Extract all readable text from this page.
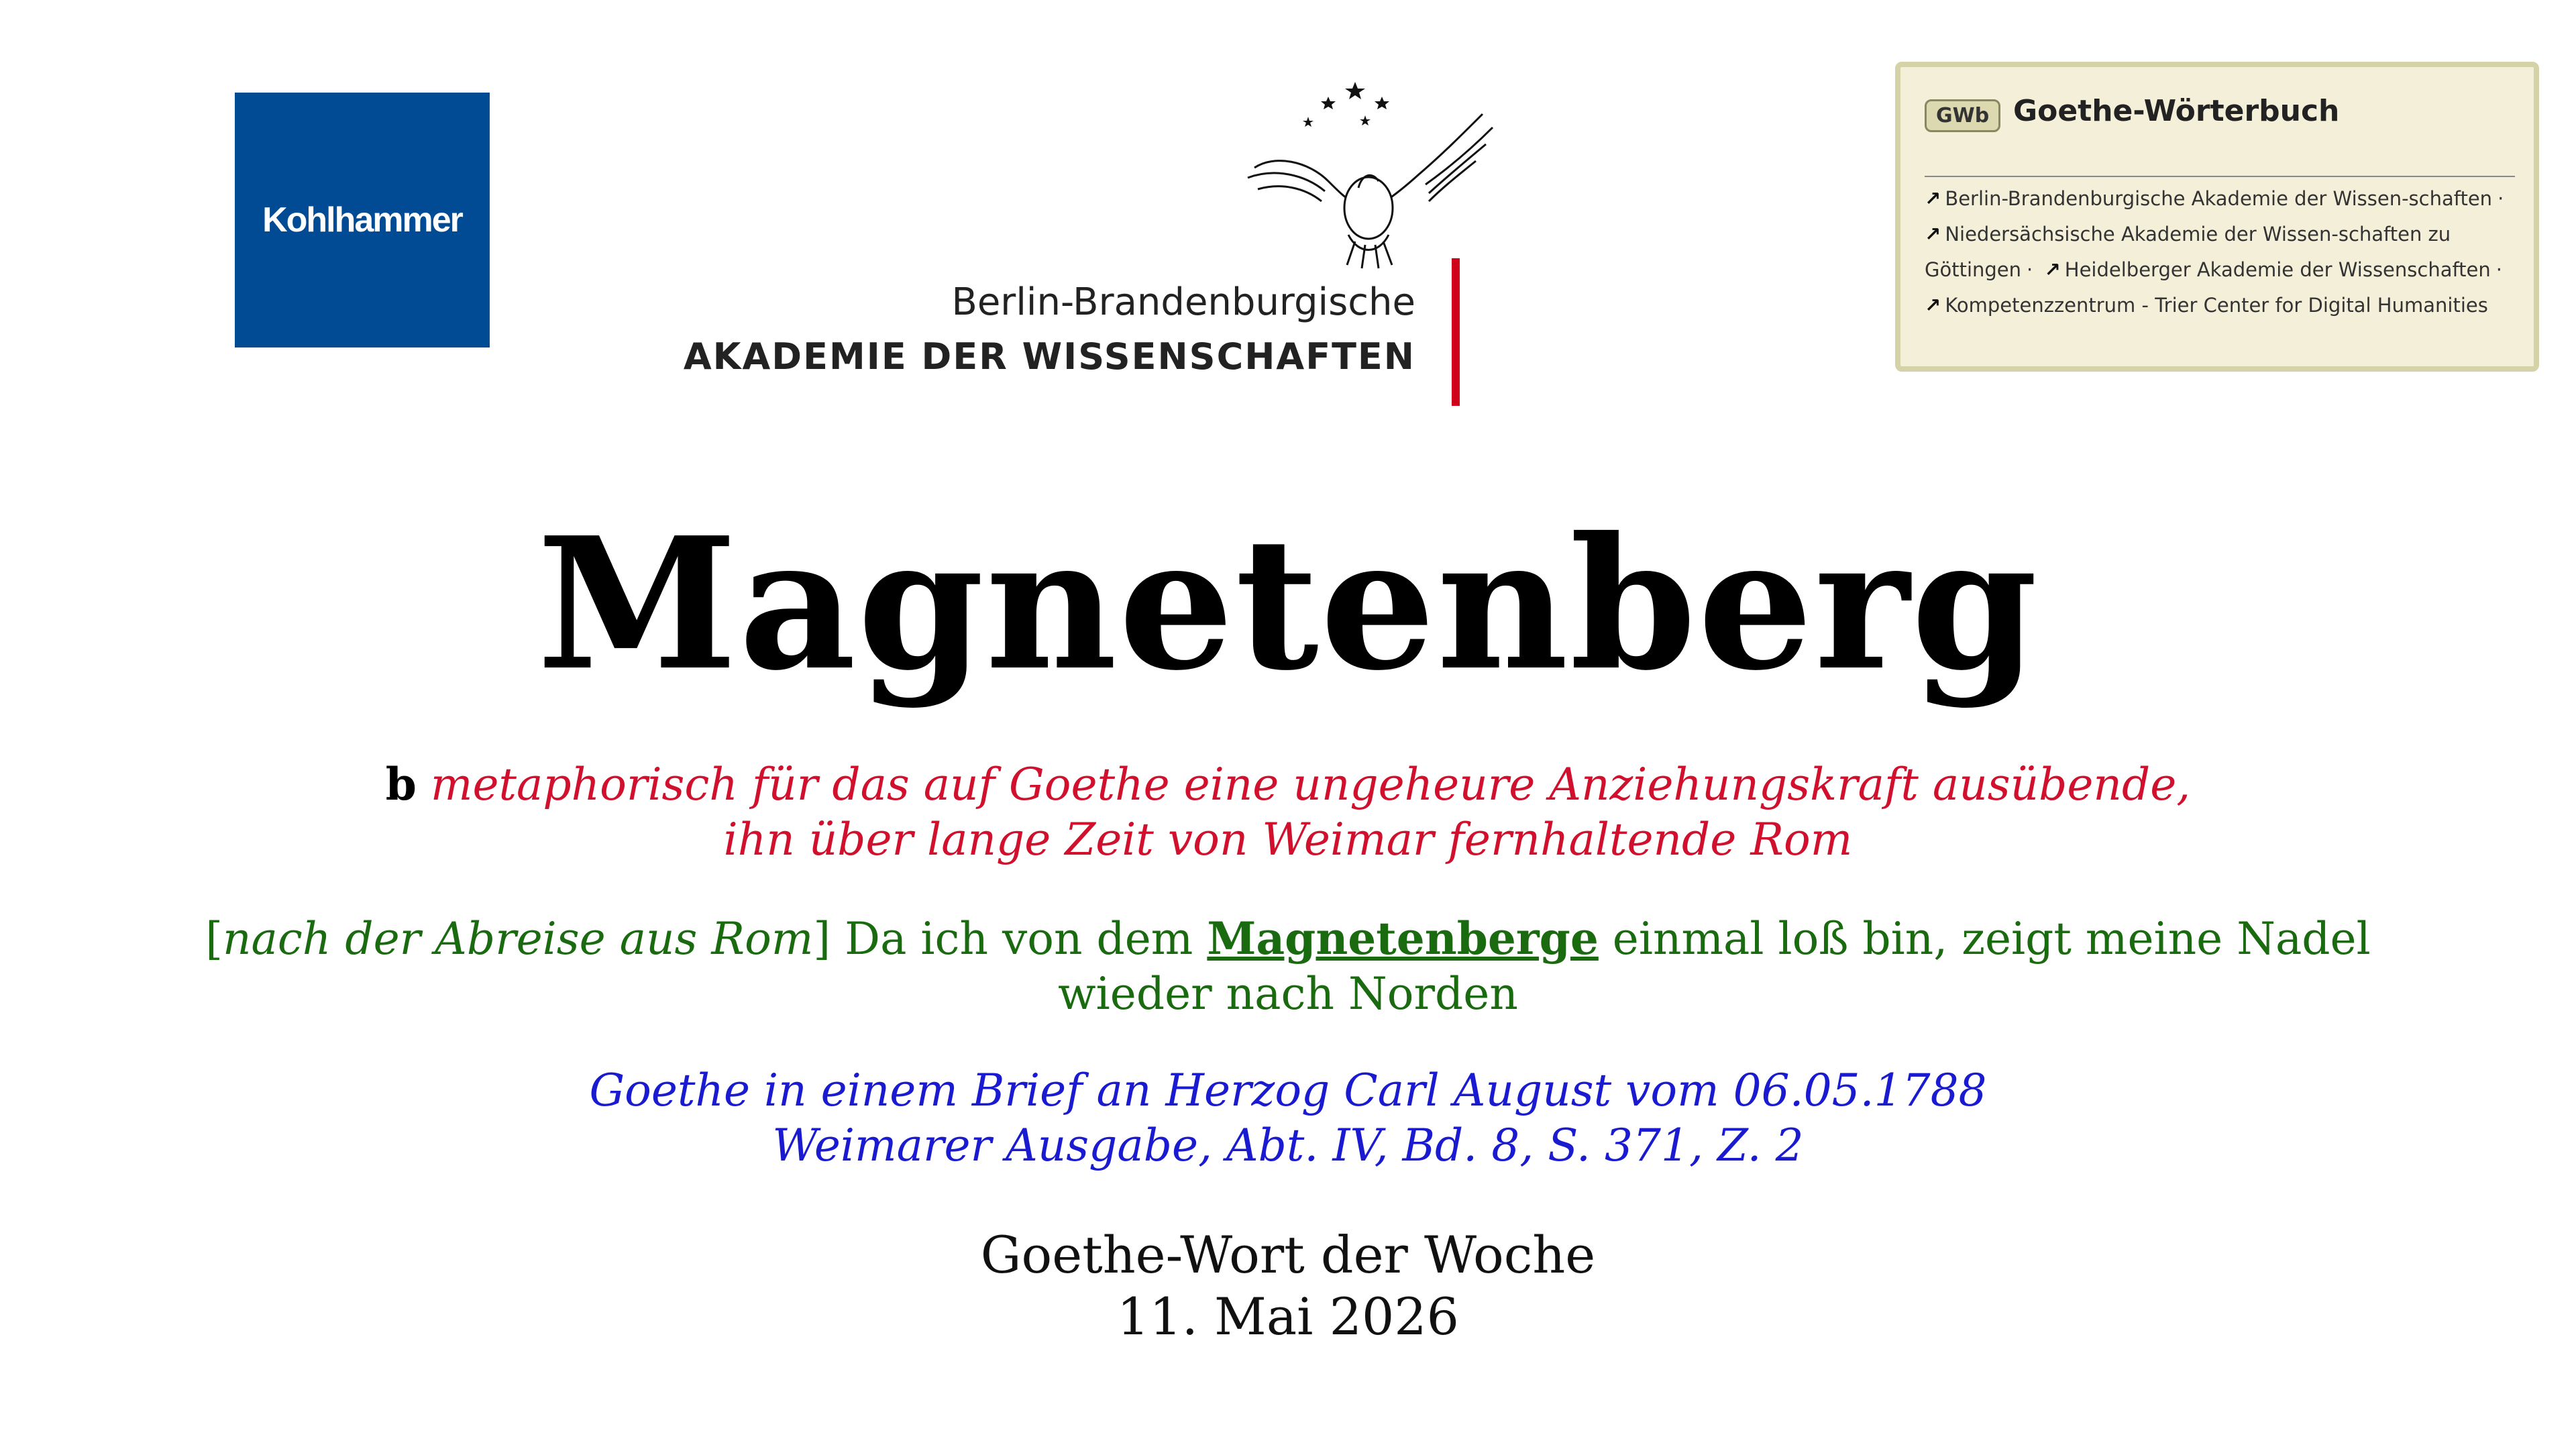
Kohlhammer
Berlin-Brandenburgische
AKADEMIE DER WISSENSCHAFTEN
GWb Goethe-Wörterbuch
↗ Berlin-Brandenburgische Akademie der Wissen-schaften · ↗ Niedersächsische Akademie der Wissen-schaften zu Göttingen · ↗ Heidelberger Akademie der Wissenschaften · ↗ Kompetenzzentrum - Trier Center for Digital Humanities
Magnetenberg
b metaphorisch für das auf Goethe eine ungeheure Anziehungskraft ausübende,
ihn über lange Zeit von Weimar fernhaltende Rom
[nach der Abreise aus Rom] Da ich von dem Magnetenberge einmal loß bin, zeigt meine Nadel
wieder nach Norden
Goethe in einem Brief an Herzog Carl August vom 06.05.1788
Weimarer Ausgabe, Abt. IV, Bd. 8, S. 371, Z. 2
Goethe-Wort der Woche
11. Mai 2026
